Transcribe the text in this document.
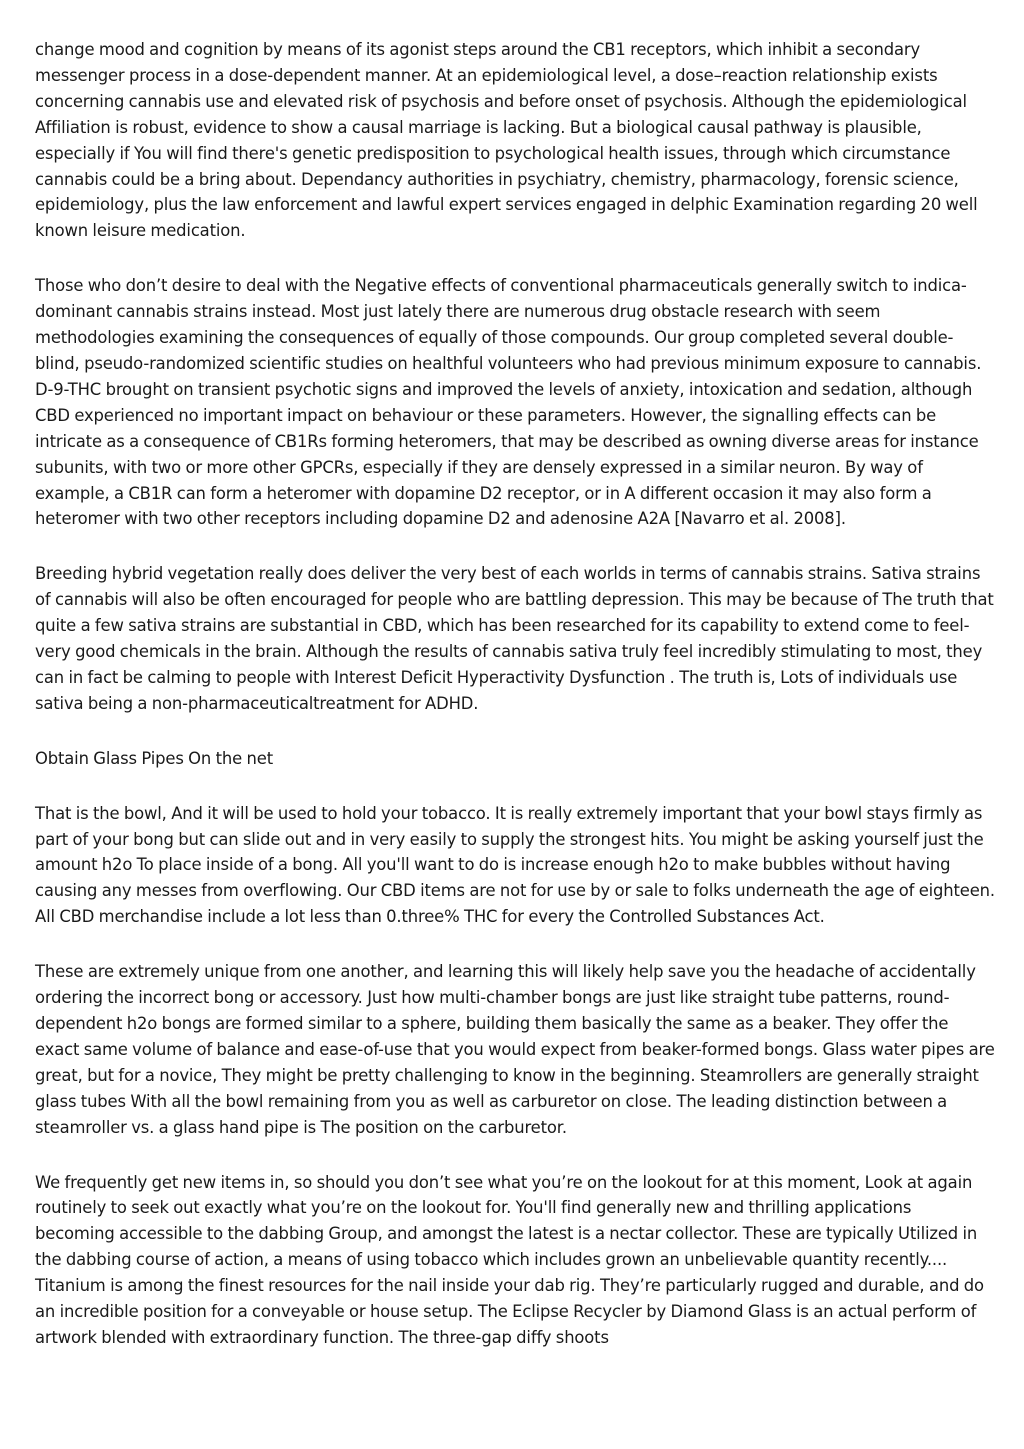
change mood and cognition by means of its agonist steps around the CB1 receptors, which inhibit a secondary messenger process in a dose-dependent manner. At an epidemiological level, a dose–reaction relationship exists concerning cannabis use and elevated risk of psychosis and before onset of psychosis. Although the epidemiological Affiliation is robust, evidence to show a causal marriage is lacking. But a biological causal pathway is plausible, especially if You will find there's genetic predisposition to psychological health issues, through which circumstance cannabis could be a bring about. Dependancy authorities in psychiatry, chemistry, pharmacology, forensic science, epidemiology, plus the law enforcement and lawful expert services engaged in delphic Examination regarding 20 well known leisure medication.

Those who don’t desire to deal with the Negative effects of conventional pharmaceuticals generally switch to indica-dominant cannabis strains instead. Most just lately there are numerous drug obstacle research with seem methodologies examining the consequences of equally of those compounds. Our group completed several double-blind, pseudo-randomized scientific studies on healthful volunteers who had previous minimum exposure to cannabis. D-9-THC brought on transient psychotic signs and improved the levels of anxiety, intoxication and sedation, although CBD experienced no important impact on behaviour or these parameters. However, the signalling effects can be intricate as a consequence of CB1Rs forming heteromers, that may be described as owning diverse areas for instance subunits, with two or more other GPCRs, especially if they are densely expressed in a similar neuron. By way of example, a CB1R can form a heteromer with dopamine D2 receptor, or in A different occasion it may also form a heteromer with two other receptors including dopamine D2 and adenosine A2A [Navarro et al. 2008].

Breeding hybrid vegetation really does deliver the very best of each worlds in terms of cannabis strains. Sativa strains of cannabis will also be often encouraged for people who are battling depression. This may be because of The truth that quite a few sativa strains are substantial in CBD, which has been researched for its capability to extend come to feel-very good chemicals in the brain. Although the results of cannabis sativa truly feel incredibly stimulating to most, they can in fact be calming to people with Interest Deficit Hyperactivity Dysfunction . The truth is, Lots of individuals use sativa being a non-pharmaceuticaltreatment for ADHD.

Obtain Glass Pipes On the net

That is the bowl, And it will be used to hold your tobacco. It is really extremely important that your bowl stays firmly as part of your bong but can slide out and in very easily to supply the strongest hits. You might be asking yourself just the amount h2o To place inside of a bong. All you'll want to do is increase enough h2o to make bubbles without having causing any messes from overflowing. Our CBD items are not for use by or sale to folks underneath the age of eighteen. All CBD merchandise include a lot less than 0.three% THC for every the Controlled Substances Act.

These are extremely unique from one another, and learning this will likely help save you the headache of accidentally ordering the incorrect bong or accessory. Just how multi-chamber bongs are just like straight tube patterns, round-dependent h2o bongs are formed similar to a sphere, building them basically the same as a beaker. They offer the exact same volume of balance and ease-of-use that you would expect from beaker-formed bongs. Glass water pipes are great, but for a novice, They might be pretty challenging to know in the beginning. Steamrollers are generally straight glass tubes With all the bowl remaining from you as well as carburetor on close. The leading distinction between a steamroller vs. a glass hand pipe is The position on the carburetor.

We frequently get new items in, so should you don’t see what you’re on the lookout for at this moment, Look at again routinely to seek out exactly what you’re on the lookout for. You'll find generally new and thrilling applications becoming accessible to the dabbing Group, and amongst the latest is a nectar collector. These are typically Utilized in the dabbing course of action, a means of using tobacco which includes grown an unbelievable quantity recently.... Titanium is among the finest resources for the nail inside your dab rig. They’re particularly rugged and durable, and do an incredible position for a conveyable or house setup. The Eclipse Recycler by Diamond Glass is an actual perform of artwork blended with extraordinary function. The three-gap diffy shoots
